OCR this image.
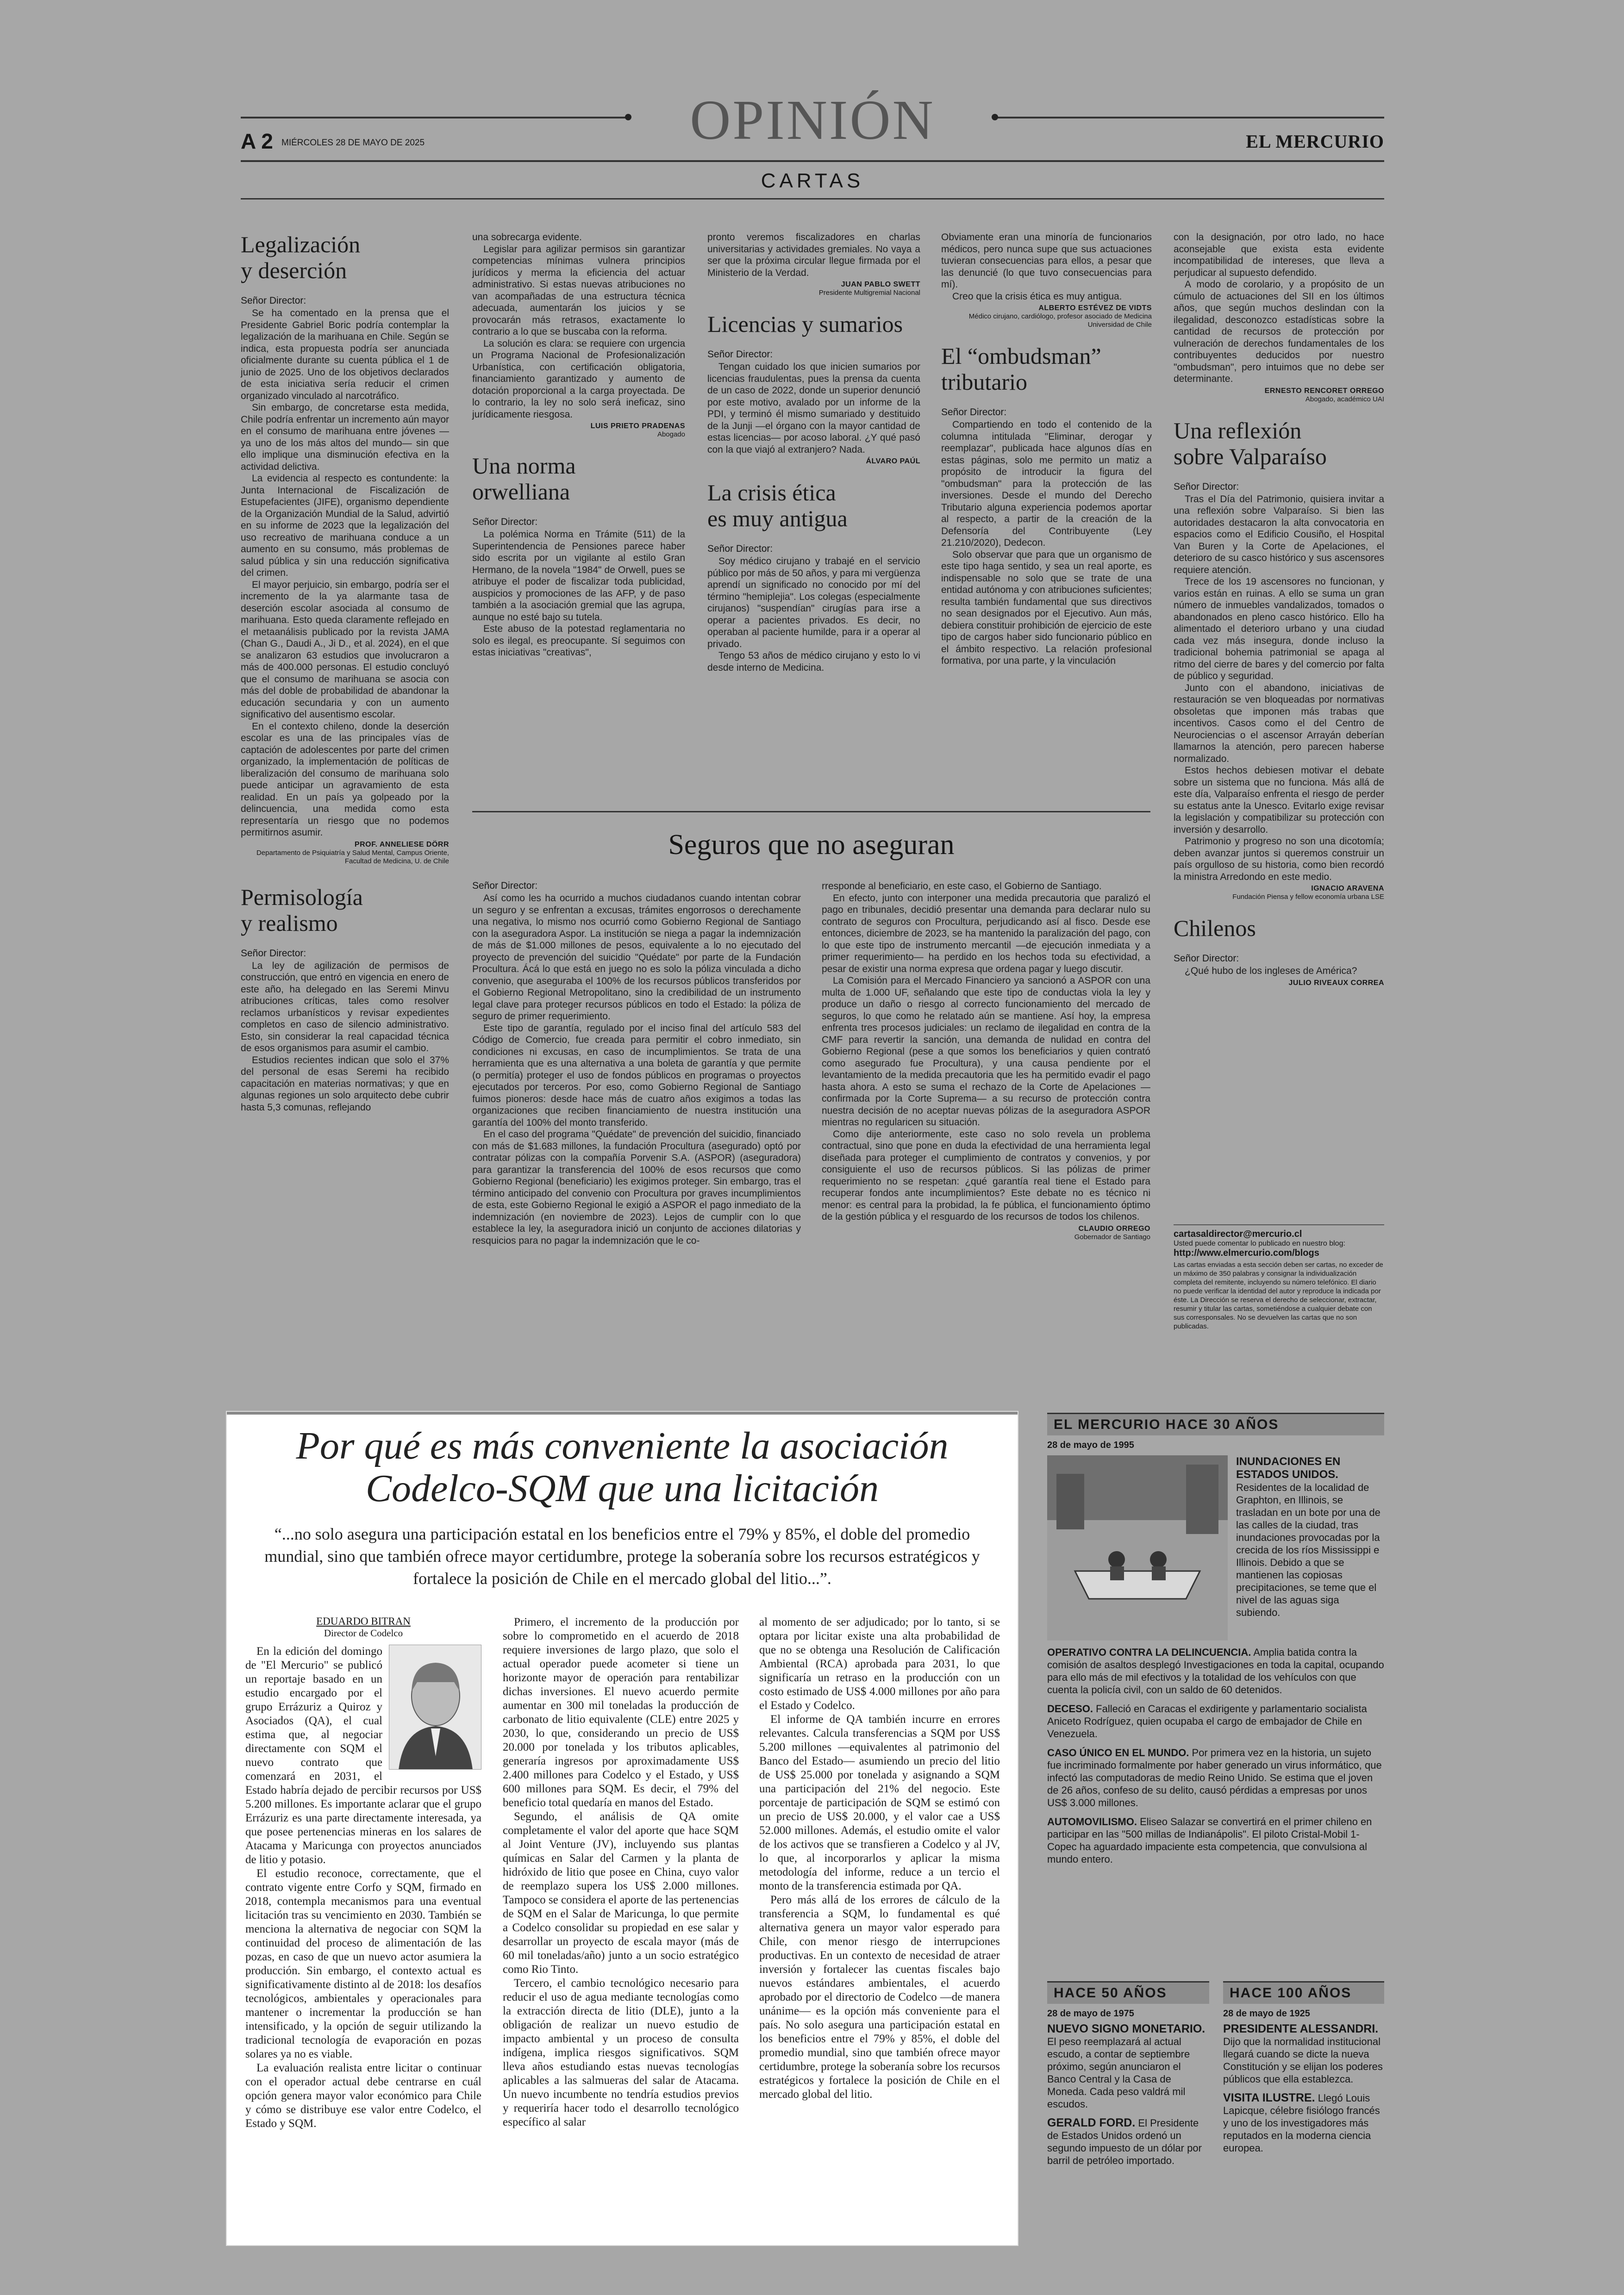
OPINIÓN
A 2 MIÉRCOLES 28 DE MAYO DE 2025	EL MERCURIO
CARTAS
Legalización
y deserción
Señor Director:

Se ha comentado en la prensa que el Presidente Gabriel Boric podría contemplar la legalización de la marihuana en Chile. Según se indica, esta propuesta podría ser anunciada oficialmente durante su cuenta pública el 1 de junio de 2025. Uno de los objetivos declarados de esta iniciativa sería reducir el crimen organizado vinculado al narcotráfico.

Sin embargo, de concretarse esta medida, Chile podría enfrentar un incremento aún mayor en el consumo de marihuana entre jóvenes —ya uno de los más altos del mundo— sin que ello implique una disminución efectiva en la actividad delictiva.

La evidencia al respecto es contundente: la Junta Internacional de Fiscalización de Estupefacientes (JIFE), organismo dependiente de la Organización Mundial de la Salud, advirtió en su informe de 2023 que la legalización del uso recreativo de marihuana conduce a un aumento en su consumo, más problemas de salud pública y sin una reducción significativa del crimen.

El mayor perjuicio, sin embargo, podría ser el incremento de la ya alarmante tasa de deserción escolar asociada al consumo de marihuana. Esto queda claramente reflejado en el metaanálisis publicado por la revista JAMA (Chan G., Daudi A., Ji D., et al. 2024), en el que se analizaron 63 estudios que involucraron a más de 400.000 personas. El estudio concluyó que el consumo de marihuana se asocia con más del doble de probabilidad de abandonar la educación secundaria y con un aumento significativo del ausentismo escolar.

En el contexto chileno, donde la deserción escolar es una de las principales vías de captación de adolescentes por parte del crimen organizado, la implementación de políticas de liberalización del consumo de marihuana solo puede anticipar un agravamiento de esta realidad. En un país ya golpeado por la delincuencia, una medida como esta representaría un riesgo que no podemos permitirnos asumir.

PROF. ANNELIESE DÖRR
Departamento de Psiquiatría y Salud Mental, Campus Oriente, Facultad de Medicina, U. de Chile
Permisología
y realismo
Señor Director:

La ley de agilización de permisos de construcción, que entró en vigencia en enero de este año, ha delegado en las Seremi Minvu atribuciones críticas, tales como resolver reclamos urbanísticos y revisar expedientes completos en caso de silencio administrativo. Esto, sin considerar la real capacidad técnica de esos organismos para asumir el cambio.

Estudios recientes indican que solo el 37% del personal de esas Seremi ha recibido capacitación en materias normativas; y que en algunas regiones un solo arquitecto debe cubrir hasta 5,3 comunas, reflejando

una sobrecarga evidente.

Legislar para agilizar permisos sin garantizar competencias mínimas vulnera principios jurídicos y merma la eficiencia del actuar administrativo. Si estas nuevas atribuciones no van acompañadas de una estructura técnica adecuada, aumentarán los juicios y se provocarán más retrasos, exactamente lo contrario a lo que se buscaba con la reforma.

La solución es clara: se requiere con urgencia un Programa Nacional de Profesionalización Urbanística, con certificación obligatoria, financiamiento garantizado y aumento de dotación proporcional a la carga proyectada. De lo contrario, la ley no solo será ineficaz, sino jurídicamente riesgosa.

LUIS PRIETO PRADENAS
Abogado
Una norma
orwelliana
Señor Director:

La polémica Norma en Trámite (511) de la Superintendencia de Pensiones parece haber sido escrita por un vigilante al estilo Gran Hermano, de la novela "1984" de Orwell, pues se atribuye el poder de fiscalizar toda publicidad, auspicios y promociones de las AFP, y de paso también a la asociación gremial que las agrupa, aunque no esté bajo su tutela.

Este abuso de la potestad reglamentaria no solo es ilegal, es preocupante. Sí seguimos con estas iniciativas "creativas",

pronto veremos fiscalizadores en charlas universitarias y actividades gremiales. No vaya a ser que la próxima circular llegue firmada por el Ministerio de la Verdad.

JUAN PABLO SWETT
Presidente Multigremial Nacional
Licencias y sumarios
Señor Director:

Tengan cuidado los que inicien sumarios por licencias fraudulentas, pues la prensa da cuenta de un caso de 2022, donde un superior denunció por este motivo, avalado por un informe de la PDI, y terminó él mismo sumariado y destituido de la Junji —el órgano con la mayor cantidad de estas licencias— por acoso laboral. ¿Y qué pasó con la que viajó al extranjero? Nada.

ÁLVARO PAÚL
La crisis ética
es muy antigua
Señor Director:

Soy médico cirujano y trabajé en el servicio público por más de 50 años, y para mi vergüenza aprendí un significado no conocido por mí del término "hemiplejia". Los colegas (especialmente cirujanos) "suspendían" cirugías para irse a operar a pacientes privados. Es decir, no operaban al paciente humilde, para ir a operar al privado.

Tengo 53 años de médico cirujano y esto lo vi desde interno de Medicina.

Obviamente eran una minoría de funcionarios médicos, pero nunca supe que sus actuaciones tuvieran consecuencias para ellos, a pesar que las denuncié (lo que tuvo consecuencias para mí).

Creo que la crisis ética es muy antigua.

ALBERTO ESTÉVEZ DE VIDTS
Médico cirujano, cardiólogo, profesor asociado de Medicina Universidad de Chile
El “ombudsman”
tributario
Señor Director:

Compartiendo en todo el contenido de la columna intitulada "Eliminar, derogar y reemplazar", publicada hace algunos días en estas páginas, solo me permito un matiz a propósito de introducir la figura del "ombudsman" para la protección de las inversiones. Desde el mundo del Derecho Tributario alguna experiencia podemos aportar al respecto, a partir de la creación de la Defensoría del Contribuyente (Ley 21.210/2020), Dedecon.

Solo observar que para que un organismo de este tipo haga sentido, y sea un real aporte, es indispensable no solo que se trate de una entidad autónoma y con atribuciones suficientes; resulta también fundamental que sus directivos no sean designados por el Ejecutivo. Aun más, debiera constituir prohibición de ejercicio de este tipo de cargos haber sido funcionario público en el ámbito respectivo. La relación profesional formativa, por una parte, y la vinculación

con la designación, por otro lado, no hace aconsejable que exista esta evidente incompatibilidad de intereses, que lleva a perjudicar al supuesto defendido.

A modo de corolario, y a propósito de un cúmulo de actuaciones del SII en los últimos años, que según muchos deslindan con la ilegalidad, desconozco estadísticas sobre la cantidad de recursos de protección por vulneración de derechos fundamentales de los contribuyentes deducidos por nuestro "ombudsman", pero intuimos que no debe ser determinante.

ERNESTO RENCORET ORREGO
Abogado, académico UAI
Una reflexión
sobre Valparaíso
Señor Director:

Tras el Día del Patrimonio, quisiera invitar a una reflexión sobre Valparaíso. Si bien las autoridades destacaron la alta convocatoria en espacios como el Edificio Cousiño, el Hospital Van Buren y la Corte de Apelaciones, el deterioro de su casco histórico y sus ascensores requiere atención.

Trece de los 19 ascensores no funcionan, y varios están en ruinas. A ello se suma un gran número de inmuebles vandalizados, tomados o abandonados en pleno casco histórico. Ello ha alimentado el deterioro urbano y una ciudad cada vez más insegura, donde incluso la tradicional bohemia patrimonial se apaga al ritmo del cierre de bares y del comercio por falta de público y seguridad.

Junto con el abandono, iniciativas de restauración se ven bloqueadas por normativas obsoletas que imponen más trabas que incentivos. Casos como el del Centro de Neurociencias o el ascensor Arrayán deberían llamarnos la atención, pero parecen haberse normalizado.

Estos hechos debiesen motivar el debate sobre un sistema que no funciona. Más allá de este día, Valparaíso enfrenta el riesgo de perder su estatus ante la Unesco. Evitarlo exige revisar la legislación y compatibilizar su protección con inversión y desarrollo.

Patrimonio y progreso no son una dicotomía; deben avanzar juntos si queremos construir un país orgulloso de su historia, como bien recordó la ministra Arredondo en este medio.

IGNACIO ARAVENA
Fundación Piensa y fellow economía urbana LSE
Chilenos
Señor Director:

¿Qué hubo de los ingleses de América?

JULIO RIVEAUX CORREA
cartasaldirector@mercurio.cl
Usted puede comentar lo publicado en nuestro blog:
http://www.elmercurio.com/blogs
Las cartas enviadas a esta sección deben ser cartas, no exceder de un máximo de 350 palabras y consignar la individualización completa del remitente, incluyendo su número telefónico. El diario no puede verificar la identidad del autor y reproduce la indicada por éste. La Dirección se reserva el derecho de seleccionar, extractar, resumir y titular las cartas, sometiéndose a cualquier debate con sus corresponsales. No se devuelven las cartas que no son publicadas.
Seguros que no aseguran
Señor Director:

Así como les ha ocurrido a muchos ciudadanos cuando intentan cobrar un seguro y se enfrentan a excusas, trámites engorrosos o derechamente una negativa, lo mismo nos ocurrió como Gobierno Regional de Santiago con la aseguradora Aspor. La institución se niega a pagar la indemnización de más de $1.000 millones de pesos, equivalente a lo no ejecutado del proyecto de prevención del suicidio "Quédate" por parte de la Fundación Procultura. Ácá lo que está en juego no es solo la póliza vinculada a dicho convenio, que aseguraba el 100% de los recursos públicos transferidos por el Gobierno Regional Metropolitano, sino la credibilidad de un instrumento legal clave para proteger recursos públicos en todo el Estado: la póliza de seguro de primer requerimiento.

Este tipo de garantía, regulado por el inciso final del artículo 583 del Código de Comercio, fue creada para permitir el cobro inmediato, sin condiciones ni excusas, en caso de incumplimientos. Se trata de una herramienta que es una alternativa a una boleta de garantía y que permite (o permitía) proteger el uso de fondos públicos en programas o proyectos ejecutados por terceros. Por eso, como Gobierno Regional de Santiago fuimos pioneros: desde hace más de cuatro años exigimos a todas las organizaciones que reciben financiamiento de nuestra institución una garantía del 100% del monto transferido.

En el caso del programa "Quédate" de prevención del suicidio, financiado con más de $1.683 millones, la fundación Procultura (asegurado) optó por contratar pólizas con la compañía Porvenir S.A. (ASPOR) (aseguradora) para garantizar la transferencia del 100% de esos recursos que como Gobierno Regional (beneficiario) les exigimos proteger. Sin embargo, tras el término anticipado del convenio con Procultura por graves incumplimientos de esta, este Gobierno Regional le exigió a ASPOR el pago inmediato de la indemnización (en noviembre de 2023). Lejos de cumplir con lo que establece la ley, la aseguradora inició un conjunto de acciones dilatorias y resquicios para no pagar la indemnización que le co-

rresponde al beneficiario, en este caso, el Gobierno de Santiago.

En efecto, junto con interponer una medida precautoria que paralizó el pago en tribunales, decidió presentar una demanda para declarar nulo su contrato de seguros con Procultura, perjudicando así al fisco. Desde ese entonces, diciembre de 2023, se ha mantenido la paralización del pago, con lo que este tipo de instrumento mercantil —de ejecución inmediata y a primer requerimiento— ha perdido en los hechos toda su efectividad, a pesar de existir una norma expresa que ordena pagar y luego discutir.

La Comisión para el Mercado Financiero ya sancionó a ASPOR con una multa de 1.000 UF, señalando que este tipo de conductas viola la ley y produce un daño o riesgo al correcto funcionamiento del mercado de seguros, lo que como he relatado aún se mantiene. Así hoy, la empresa enfrenta tres procesos judiciales: un reclamo de ilegalidad en contra de la CMF para revertir la sanción, una demanda de nulidad en contra del Gobierno Regional (pese a que somos los beneficiarios y quien contrató como asegurado fue Procultura), y una causa pendiente por el levantamiento de la medida precautoria que les ha permitido evadir el pago hasta ahora. A esto se suma el rechazo de la Corte de Apelaciones —confirmada por la Corte Suprema— a su recurso de protección contra nuestra decisión de no aceptar nuevas pólizas de la aseguradora ASPOR mientras no regularicen su situación.

Como dije anteriormente, este caso no solo revela un problema contractual, sino que pone en duda la efectividad de una herramienta legal diseñada para proteger el cumplimiento de contratos y convenios, y por consiguiente el uso de recursos públicos. Si las pólizas de primer requerimiento no se respetan: ¿qué garantía real tiene el Estado para recuperar fondos ante incumplimientos? Este debate no es técnico ni menor: es central para la probidad, la fe pública, el funcionamiento óptimo de la gestión pública y el resguardo de los recursos de todos los chilenos.

CLAUDIO ORREGO
Gobernador de Santiago
Por qué es más conveniente la asociación Codelco-SQM que una licitación
“...no solo asegura una participación estatal en los beneficios entre el 79% y 85%, el doble del promedio mundial, sino que también ofrece mayor certidumbre, protege la soberanía sobre los recursos estratégicos y fortalece la posición de Chile en el mercado global del litio...”.
EDUARDO BITRAN
Director de Codelco

En la edición del domingo de "El Mercurio" se publicó un reportaje basado en un estudio encargado por el grupo Errázuriz a Quiroz y Asociados (QA), el cual estima que, al negociar directamente con SQM el nuevo contrato que comenzará en 2031, el Estado habría dejado de percibir recursos por US$ 5.200 millones. Es importante aclarar que el grupo Errázuriz es una parte directamente interesada, ya que posee pertenencias mineras en los salares de Atacama y Maricunga con proyectos anunciados de litio y potasio.

El estudio reconoce, correctamente, que el contrato vigente entre Corfo y SQM, firmado en 2018, contempla mecanismos para una eventual licitación tras su vencimiento en 2030. También se menciona la alternativa de negociar con SQM la continuidad del proceso de alimentación de las pozas, en caso de que un nuevo actor asumiera la producción. Sin embargo, el contexto actual es significativamente distinto al de 2018: los desafíos tecnológicos, ambientales y operacionales para mantener o incrementar la producción se han intensificado, y la opción de seguir utilizando la tradicional tecnología de evaporación en pozas solares ya no es viable.

La evaluación realista entre licitar o continuar con el operador actual debe centrarse en cuál opción genera mayor valor económico para Chile y cómo se distribuye ese valor entre Codelco, el Estado y SQM.

Primero, el incremento de la producción por sobre lo comprometido en el acuerdo de 2018 requiere inversiones de largo plazo, que solo el actual operador puede acometer si tiene un horizonte mayor de operación para rentabilizar dichas inversiones. El nuevo acuerdo permite aumentar en 300 mil toneladas la producción de carbonato de litio equivalente (CLE) entre 2025 y 2030, lo que, considerando un precio de US$ 20.000 por tonelada y los tributos aplicables, generaría ingresos por aproximadamente US$ 2.400 millones para Codelco y el Estado, y US$ 600 millones para SQM. Es decir, el 79% del beneficio total quedaría en manos del Estado.

Segundo, el análisis de QA omite completamente el valor del aporte que hace SQM al Joint Venture (JV), incluyendo sus plantas químicas en Salar del Carmen y la planta de hidróxido de litio que posee en China, cuyo valor de reemplazo supera los US$ 2.000 millones. Tampoco se considera el aporte de las pertenencias de SQM en el Salar de Maricunga, lo que permite a Codelco consolidar su propiedad en ese salar y desarrollar un proyecto de escala mayor (más de 60 mil toneladas/año) junto a un socio estratégico como Rio Tinto.

Tercero, el cambio tecnológico necesario para reducir el uso de agua mediante tecnologías como la extracción directa de litio (DLE), junto a la obligación de realizar un nuevo estudio de impacto ambiental y un proceso de consulta indígena, implica riesgos significativos. SQM lleva años estudiando estas nuevas tecnologías aplicables a las salmueras del salar de Atacama. Un nuevo incumbente no tendría estudios previos y requeriría hacer todo el desarrollo tecnológico específico al salar

al momento de ser adjudicado; por lo tanto, si se optara por licitar existe una alta probabilidad de que no se obtenga una Resolución de Calificación Ambiental (RCA) aprobada para 2031, lo que significaría un retraso en la producción con un costo estimado de US$ 4.000 millones por año para el Estado y Codelco.

El informe de QA también incurre en errores relevantes. Calcula transferencias a SQM por US$ 5.200 millones —equivalentes al patrimonio del Banco del Estado— asumiendo un precio del litio de US$ 25.000 por tonelada y asignando a SQM una participación del 21% del negocio. Este porcentaje de participación de SQM se estimó con un precio de US$ 20.000, y el valor cae a US$ 52.000 millones. Además, el estudio omite el valor de los activos que se transfieren a Codelco y al JV, lo que, al incorporarlos y aplicar la misma metodología del informe, reduce a un tercio el monto de la transferencia estimada por QA.

Pero más allá de los errores de cálculo de la transferencia a SQM, lo fundamental es qué alternativa genera un mayor valor esperado para Chile, con menor riesgo de interrupciones productivas. En un contexto de necesidad de atraer inversión y fortalecer las cuentas fiscales bajo nuevos estándares ambientales, el acuerdo aprobado por el directorio de Codelco —de manera unánime— es la opción más conveniente para el país. No solo asegura una participación estatal en los beneficios entre el 79% y 85%, el doble del promedio mundial, sino que también ofrece mayor certidumbre, protege la soberanía sobre los recursos estratégicos y fortalece la posición de Chile en el mercado global del litio.

EL MERCURIO HACE 30 AÑOS
28 de mayo de 1995
INUNDACIONES EN ESTADOS UNIDOS.
Residentes de la localidad de Graphton, en Illinois, se trasladan en un bote por una de las calles de la ciudad, tras inundaciones provocadas por la crecida de los ríos Mississippi e Illinois. Debido a que se mantienen las copiosas precipitaciones, se teme que el nivel de las aguas siga subiendo.
OPERATIVO CONTRA LA DELINCUENCIA. Amplia batida contra la comisión de asaltos desplegó Investigaciones en toda la capital, ocupando para ello más de mil efectivos y la totalidad de los vehículos con que cuenta la policía civil, con un saldo de 60 detenidos.
DECESO. Falleció en Caracas el exdirigente y parlamentario socialista Aniceto Rodríguez, quien ocupaba el cargo de embajador de Chile en Venezuela.
CASO ÚNICO EN EL MUNDO. Por primera vez en la historia, un sujeto fue incriminado formalmente por haber generado un virus informático, que infectó las computadoras de medio Reino Unido. Se estima que el joven de 26 años, confeso de su delito, causó pérdidas a empresas por unos US$ 3.000 millones.
AUTOMOVILISMO. Eliseo Salazar se convertirá en el primer chileno en participar en las "500 millas de Indianápolis". El piloto Cristal-Mobil 1-Copec ha aguardado impaciente esta competencia, que convulsiona al mundo entero.
HACE 50 AÑOS
28 de mayo de 1975
NUEVO SIGNO MONETARIO. El peso reemplazará al actual escudo, a contar de septiembre próximo, según anunciaron el Banco Central y la Casa de Moneda. Cada peso valdrá mil escudos.
GERALD FORD. El Presidente de Estados Unidos ordenó un segundo impuesto de un dólar por barril de petróleo importado.
HACE 100 AÑOS
28 de mayo de 1925
PRESIDENTE ALESSANDRI. Dijo que la normalidad institucional llegará cuando se dicte la nueva Constitución y se elijan los poderes públicos que ella establezca.
VISITA ILUSTRE. Llegó Louis Lapicque, célebre fisiólogo francés y uno de los investigadores más reputados en la moderna ciencia europea.
